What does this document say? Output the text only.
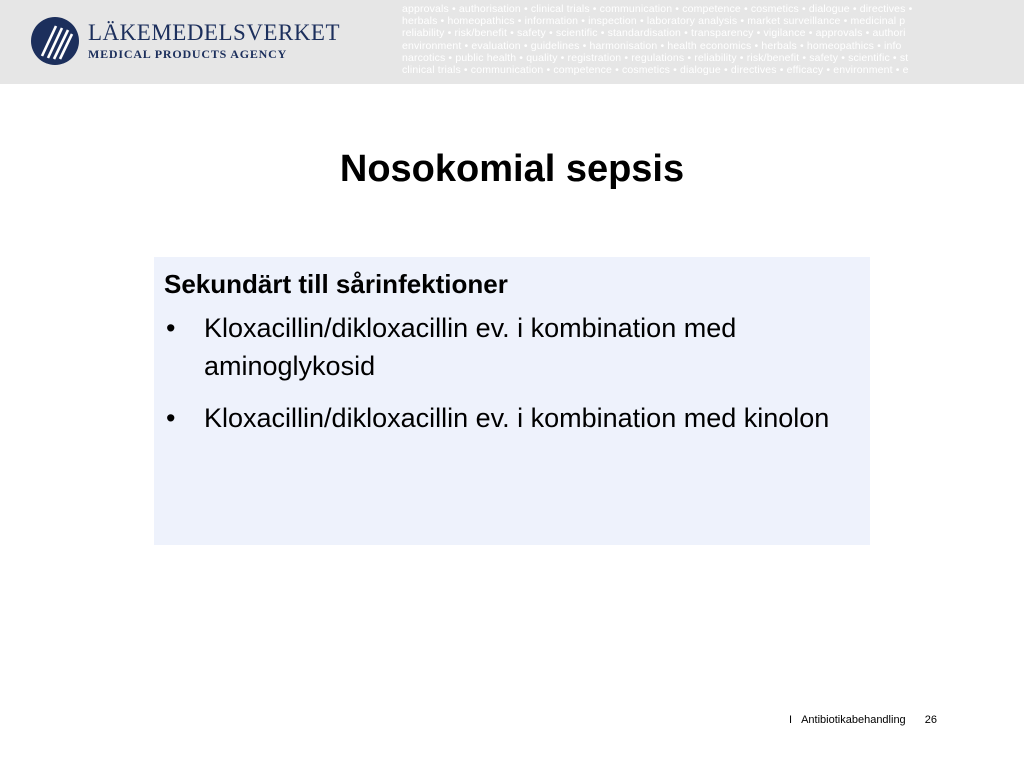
LÄKEMEDELSVERKET
MEDICAL PRODUCTS AGENCY
approvals • authorisation • clinical trials • communication • competence • cosmetics • dialogue • directives •
herbals • homeopathics • information • inspection • laboratory analysis • market surveillance • medicinal p
reliability • risk/benefit • safety • scientific • standardisation • transparency • vigilance • approvals • authori
environment • evaluation • guidelines • harmonisation • health economics • herbals • homeopathics • info
narcotics • public health • quality • registration • regulations • reliability • risk/benefit • safety • scientific • st
clinical trials • communication • competence • cosmetics • dialogue • directives • efficacy • environment • e
Nosokomial sepsis
Sekundärt till sårinfektioner
• Kloxacillin/dikloxacillin ev. i kombination med aminoglykosid
• Kloxacillin/dikloxacillin ev. i kombination med kinolon
I Antibiotikabehandling 26
